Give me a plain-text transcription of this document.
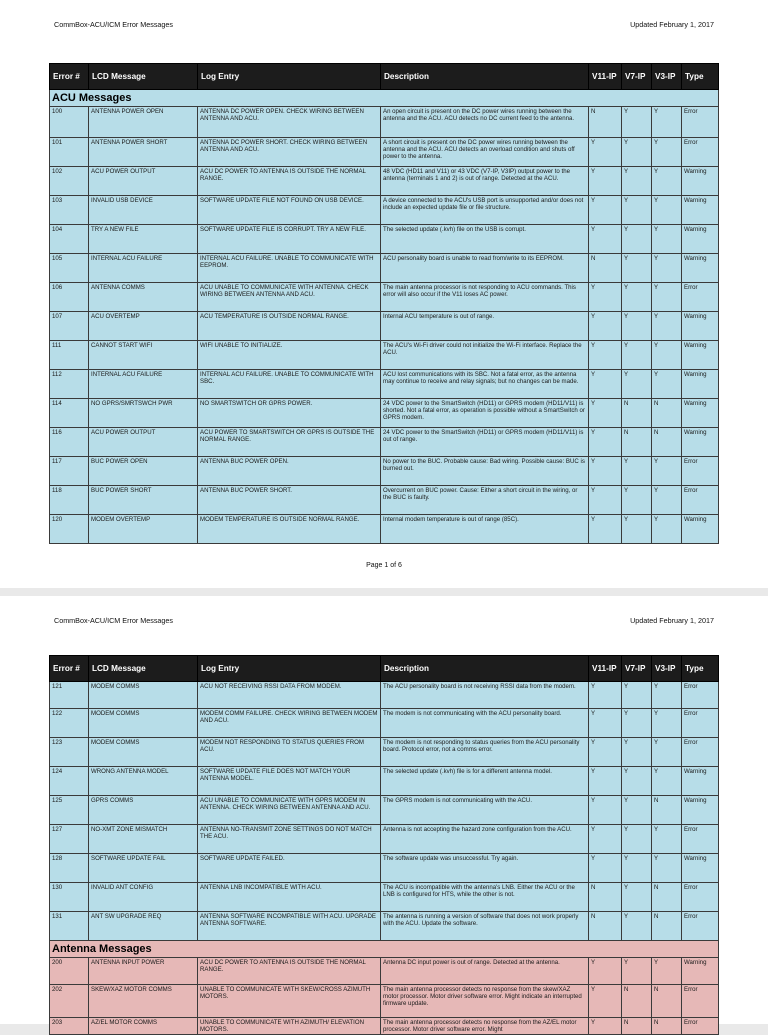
CommBox-ACU/ICM Error Messages	Updated February 1, 2017
Error #	LCD Message	Log Entry	Description	V11-IP	V7-IP	V3-IP	Type
ACU Messages							
100	ANTENNA POWER OPEN	ANTENNA DC POWER OPEN. CHECK WIRING BETWEEN ANTENNA AND ACU.	An open circuit is present on the DC power wires running between the antenna and the ACU. ACU detects no DC current feed to the antenna.	N	Y	Y	Error
101	ANTENNA POWER SHORT	ANTENNA DC POWER SHORT. CHECK WIRING BETWEEN ANTENNA AND ACU.	A short circuit is present on the DC power wires running between the antenna and the ACU. ACU detects an overload condition and shuts off power to the antenna.	Y	Y	Y	Error
102	ACU POWER OUTPUT	ACU DC POWER TO ANTENNA IS OUTSIDE THE NORMAL RANGE.	48 VDC (HD11 and V11) or 43 VDC (V7-IP, V3IP) output power to the antenna (terminals 1 and 2) is out of range. Detected at the ACU.	Y	Y	Y	Warning
103	INVALID USB DEVICE	SOFTWARE UPDATE FILE NOT FOUND ON USB DEVICE.	A device connected to the ACU's USB port is unsupported and/or does not include an expected update file or file structure.	Y	Y	Y	Warning
104	TRY A NEW FILE	SOFTWARE UPDATE FILE IS CORRUPT. TRY A NEW FILE.	The selected update (.kvh) file on the USB is corrupt.	Y	Y	Y	Warning
105	INTERNAL ACU FAILURE	INTERNAL ACU FAILURE. UNABLE TO COMMUNICATE WITH EEPROM.	ACU personality board is unable to read from/write to its EEPROM.	N	Y	Y	Warning
106	ANTENNA COMMS	ACU UNABLE TO COMMUNICATE WITH ANTENNA. CHECK WIRING BETWEEN ANTENNA AND ACU.	The main antenna processor is not responding to ACU commands. This error will also occur if the V11 loses AC power.	Y	Y	Y	Error
107	ACU OVERTEMP	ACU TEMPERATURE IS OUTSIDE NORMAL RANGE.	Internal ACU temperature is out of range.	Y	Y	Y	Warning
111	CANNOT START WIFI	WIFI UNABLE TO INITIALIZE.	The ACU's Wi-Fi driver could not initialize the Wi-Fi interface. Replace the ACU.	Y	Y	Y	Warning
112	INTERNAL ACU FAILURE	INTERNAL ACU FAILURE. UNABLE TO COMMUNICATE WITH SBC.	ACU lost communications with its SBC. Not a fatal error, as the antenna may continue to receive and relay signals; but no changes can be made.	Y	Y	Y	Warning
114	NO GPRS/SMRTSWCH PWR	NO SMARTSWITCH OR GPRS POWER.	24 VDC power to the SmartSwitch (HD11) or GPRS modem (HD11/V11) is shorted. Not a fatal error, as operation is possible without a SmartSwitch or GPRS modem.	Y	N	N	Warning
116	ACU POWER OUTPUT	ACU POWER TO SMARTSWITCH OR GPRS IS OUTSIDE THE NORMAL RANGE.	24 VDC power to the SmartSwitch (HD11) or GPRS modem (HD11/V11) is out of range.	Y	N	N	Warning
117	BUC POWER OPEN	ANTENNA BUC POWER OPEN.	No power to the BUC. Probable cause: Bad wiring. Possible cause: BUC is burned out.	Y	Y	Y	Error
118	BUC POWER SHORT	ANTENNA BUC POWER SHORT.	Overcurrent on BUC power. Cause: Either a short circuit in the wiring, or the BUC is faulty.	Y	Y	Y	Error
120	MODEM OVERTEMP	MODEM TEMPERATURE IS OUTSIDE NORMAL RANGE.	Internal modem temperature is out of range (85C).	Y	Y	Y	Warning
Page 1 of 6
CommBox-ACU/ICM Error Messages	Updated February 1, 2017
Error #	LCD Message	Log Entry	Description	V11-IP	V7-IP	V3-IP	Type
121	MODEM COMMS	ACU NOT RECEIVING RSSI DATA FROM MODEM.	The ACU personality board is not receiving RSSI data from the modem.	Y	Y	Y	Error
122	MODEM COMMS	MODEM COMM FAILURE. CHECK WIRING BETWEEN MODEM AND ACU.	The modem is not communicating with the ACU personality board.	Y	Y	Y	Error
123	MODEM COMMS	MODEM NOT RESPONDING TO STATUS QUERIES FROM ACU.	The modem is not responding to status queries from the ACU personality board. Protocol error, not a comms error.	Y	Y	Y	Error
124	WRONG ANTENNA MODEL	SOFTWARE UPDATE FILE DOES NOT MATCH YOUR ANTENNA MODEL.	The selected update (.kvh) file is for a different antenna model.	Y	Y	Y	Warning
125	GPRS COMMS	ACU UNABLE TO COMMUNICATE WITH GPRS MODEM IN ANTENNA. CHECK WIRING BETWEEN ANTENNA AND ACU.	The GPRS modem is not communicating with the ACU.	Y	Y	N	Warning
127	NO-XMT ZONE MISMATCH	ANTENNA NO-TRANSMIT ZONE SETTINGS DO NOT MATCH THE ACU.	Antenna is not accepting the hazard zone configuration from the ACU.	Y	Y	Y	Error
128	SOFTWARE UPDATE FAIL	SOFTWARE UPDATE FAILED.	The software update was unsuccessful. Try again.	Y	Y	Y	Warning
130	INVALID ANT CONFIG	ANTENNA LNB INCOMPATIBLE WITH ACU.	The ACU is incompatible with the antenna's LNB. Either the ACU or the LNB is configured for HTS, while the other is not.	N	Y	N	Error
131	ANT SW UPGRADE REQ	ANTENNA SOFTWARE INCOMPATIBLE WITH ACU. UPGRADE ANTENNA SOFTWARE.	The antenna is running a version of software that does not work properly with the ACU. Update the software.	N	Y	N	Error
Antenna Messages							
200	ANTENNA INPUT POWER	ACU DC POWER TO ANTENNA IS OUTSIDE THE NORMAL RANGE.	Antenna DC input power is out of range. Detected at the antenna.	Y	Y	Y	Warning
202	SKEW/XAZ MOTOR COMMS	UNABLE TO COMMUNICATE WITH SKEW/CROSS AZIMUTH MOTORS.	The main antenna processor detects no response from the skew/XAZ motor processor. Motor driver software error. Might indicate an interrupted firmware update.	Y	N	N	Error
203	AZ/EL MOTOR COMMS	UNABLE TO COMMUNICATE WITH AZIMUTH/ ELEVATION MOTORS.	The main antenna processor detects no response from the AZ/EL motor processor. Motor driver software error. Might	Y	N	N	Error
